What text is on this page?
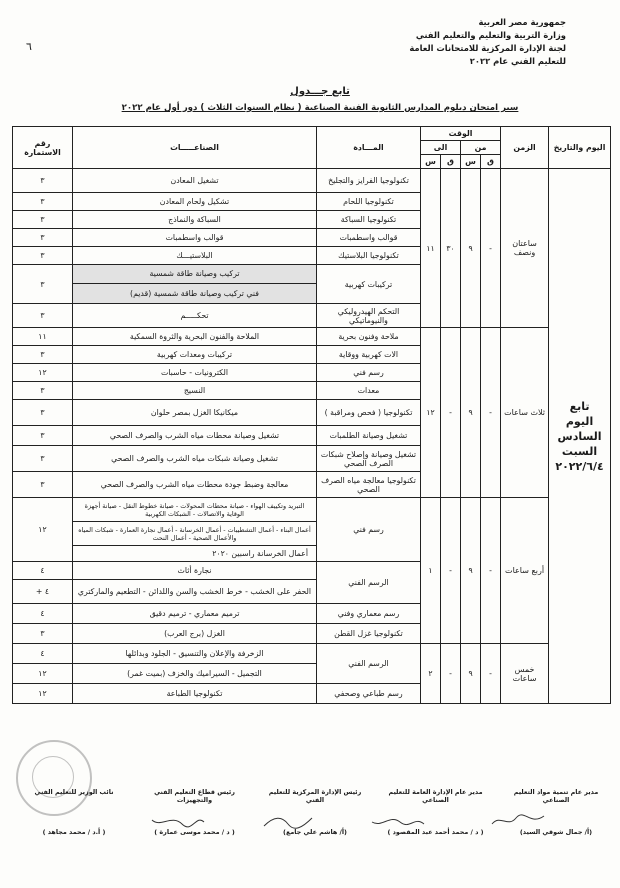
٦
جمهورية مصر العربية
وزارة التربية والتعليم والتعليم الفني
لجنة الإدارة المركزية للامتحانات العامة
للتعليم الفني عام ٢٠٢٢
تابع جـــدول
سير امتحان دبلوم المدارس الثانوية الفنية الصناعية ( نظام السنوات الثلاث ) دور أول عام ٢٠٢٢
اليوم والتاريخ	الزمن	الوقت				المـــادة	الصناعـــــات	رقم الاستمارة
		من		الى				
		ق	س	ق	س			

تابع
اليوم
السادس
السبت
٢٠٢٢/٦/٤	ساعتان ونصف	-	٩	٣٠	١١	تكنولوجيا الفرايز والتجليخ	تشغيل المعادن	٣
						تكنولوجيا اللحام	تشكيل ولحام المعادن	٣
						تكنولوجيا السباكة	السباكة والنماذج	٣
						قوالب واسطمبات	قوالب واسطمبات	٣
						تكنولوجيا البلاستيك	البلاستيـــك	٣
						تركيبات كهربية	تركيب وصيانة طاقة شمسية
فني تركيب وصيانة طاقة شمسية (قديم)	٣
						التحكم الهيدروليكي والنيوماتيكي	تحكـــــم	٣
	ثلاث ساعات	-	٩	-	١٢	ملاحة وفنون بحرية	الملاحة والفنون البحرية والثروة السمكية	١١
						الات كهربية ووقاية	تركيبات ومعدات كهربية	٣
						رسم فني	الكترونيات - حاسبات	١٢
						معدات	النسيج	٣
						تكنولوجيا ( فحص ومراقبة )	ميكانيكا الغزل بمصر حلوان	٣
						تشغيل وصيانة الطلمبات	تشغيل وصيانة محطات مياه الشرب والصرف الصحي	٣
						تشغيل وصيانة وإصلاح شبكات الصرف الصحي	تشغيل وصيانة شبكات مياه الشرب والصرف الصحي	٣
						تكنولوجيا معالجة مياه الصرف الصحي	معالجة وضبط جودة محطات مياه الشرب والصرف الصحي	٣
	أربع ساعات	-	٩	-	١	رسم فني	التبريد وتكييف الهواء - صيانة محطات المحولات - صيانة خطوط النقل - صيانة أجهزة الوقاية والاتصالات - الشبكات الكهربية	١٢
							أعمال البناء - أعمال التشطيبات - أعمال الخرسانة - أعمال نجارة العمارة - شبكات المياه والأعمال الصحية - أعمال النحت	
							أعمال الخرسانة راسبين ٢٠٢٠	
						الرسم الفني	نجارة أثاث	٤
							الحفر على الخشب - خرط الخشب والسن واللدائن - التطعيم والماركتري	٤ +
						رسم معماري وفني	ترميم معماري - ترميم دقيق	٤
						تكنولوجيا غزل القطن	الغزل (برج العرب)	٣
	خمس ساعات	-	٩	-	٢	الرسم الفني	الزخرفة والإعلان والتنسيق - الجلود وبدائلها	٤
							التجميل - السيراميك والخزف (بميت غمر)	١٢
						رسم طباعي وصحفي	تكنولوجيا الطباعة	١٢
مدير عام تنمية مواد التعليم الصناعي
(أ/ جمال شوقي السيد)
مدير عام الإدارة العامة للتعليم الصناعي
( د / محمد أحمد عبد المقصود )
رئيس الإدارة المركزية للتعليم الفني
(أ/ هاشم علي جامع)
رئيس قطاع التعليم الفني والتجهيزات
( د / محمد موسى عمارة )
نائب الوزير للتعليم الفني
( أ.د / محمد مجاهد )
